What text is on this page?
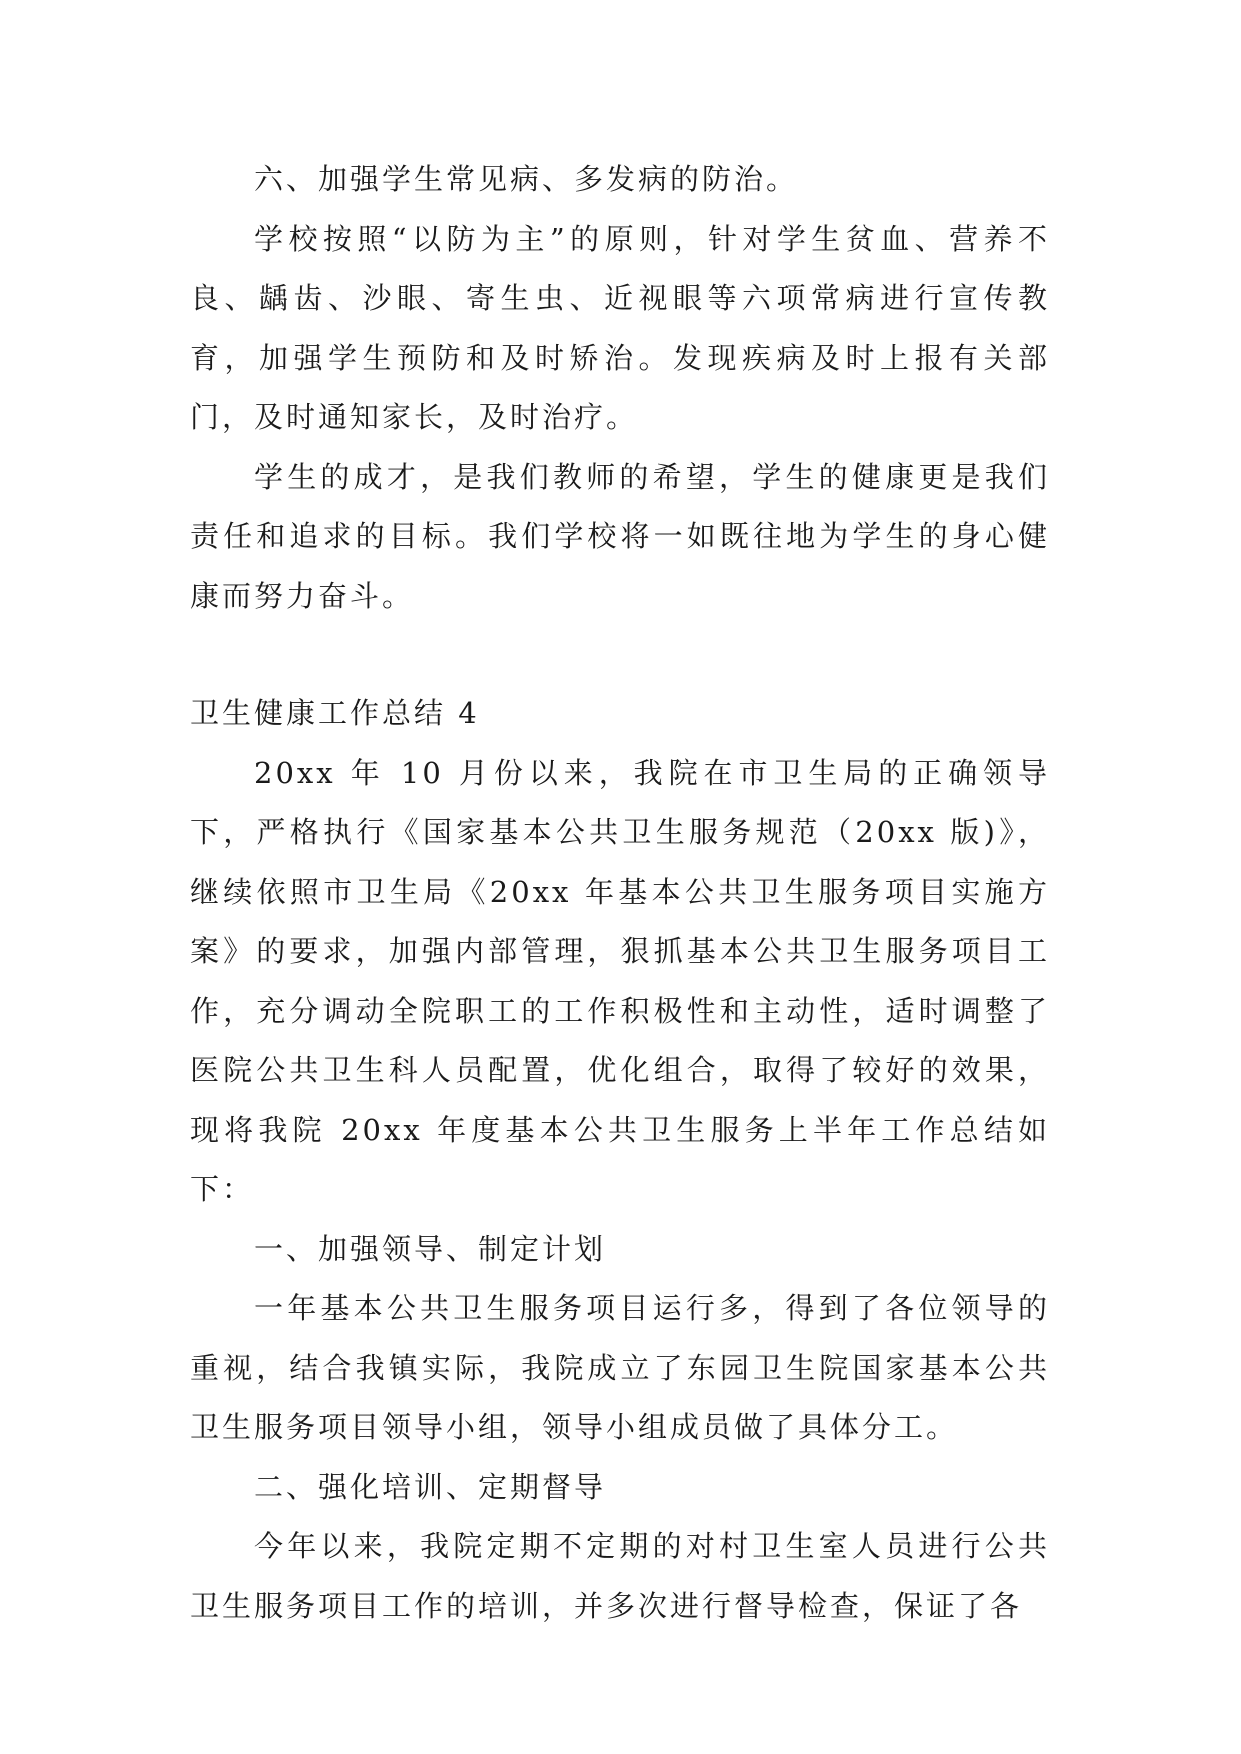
六、加强学生常见病、多发病的防治。

学校按照“以防为主”的原则，针对学生贫血、营养不良、龋齿、沙眼、寄生虫、近视眼等六项常病进行宣传教育，加强学生预防和及时矫治。发现疾病及时上报有关部门，及时通知家长，及时治疗。

学生的成才，是我们教师的希望，学生的健康更是我们责任和追求的目标。我们学校将一如既往地为学生的身心健康而努力奋斗。

卫生健康工作总结 4

20xx 年 10 月份以来，我院在市卫生局的正确领导下，严格执行《国家基本公共卫生服务规范（20xx 版)》，继续依照市卫生局《20xx 年基本公共卫生服务项目实施方案》的要求，加强内部管理，狠抓基本公共卫生服务项目工作，充分调动全院职工的工作积极性和主动性，适时调整了医院公共卫生科人员配置，优化组合，取得了较好的效果，现将我院 20xx 年度基本公共卫生服务上半年工作总结如下：

一、加强领导、制定计划

一年基本公共卫生服务项目运行多，得到了各位领导的重视，结合我镇实际，我院成立了东园卫生院国家基本公共卫生服务项目领导小组，领导小组成员做了具体分工。

二、强化培训、定期督导

今年以来，我院定期不定期的对村卫生室人员进行公共卫生服务项目工作的培训，并多次进行督导检查，保证了各
